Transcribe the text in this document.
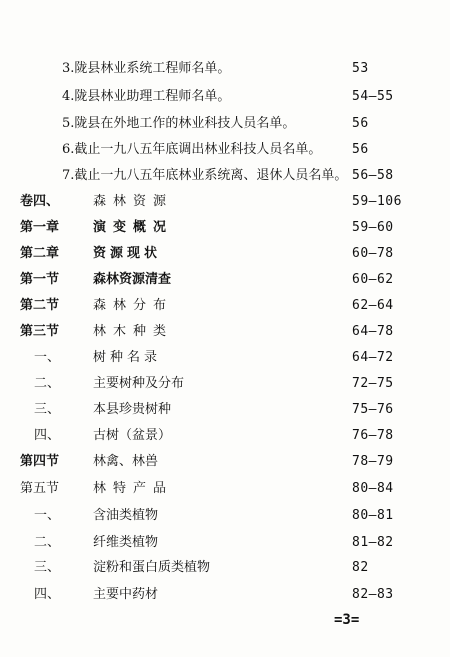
3.陇县林业系统工程师名单。	53
4.陇县林业助理工程师名单。	54—55
5.陇县在外地工作的林业科技人员名单。	56
6.截止一九八五年底调出林业科技人员名单。 56
7.截止一九八五年底林业系统离、退休人员名单。 56—58
卷四、	森林资源	59—106
第一章	演变概况	59—60
第二章	资源现状	60—78
第一节	森林资源清查	60—62
第二节	森林分布	62—64
第三节	林木种类	64—78
一、	树种名录	64—72
二、	主要树种及分布	72—75
三、	本县珍贵树种	75—76
四、	古树（盆景）	76—78
第四节	林禽、林兽	78—79
第五节	林特产品	80—84
一、	含油类植物	80—81
二、	纤维类植物	81—82
三、	淀粉和蛋白质类植物	82
四、	主要中药材	82—83
=3=
